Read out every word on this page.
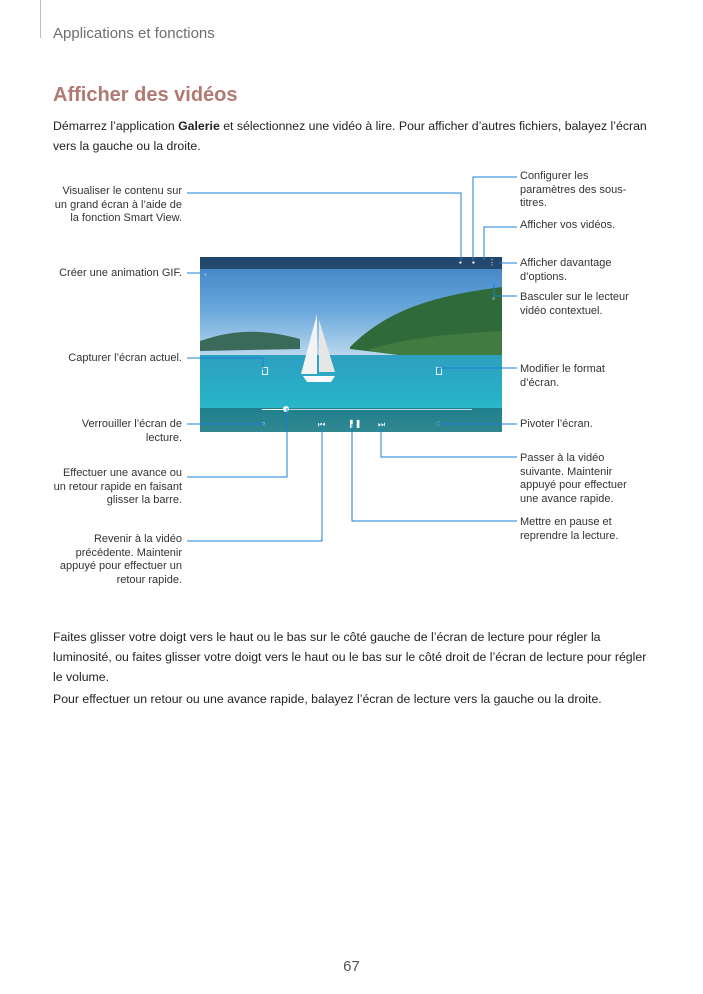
Applications et fonctions
Afficher des vidéos
Démarrez l’application Galerie et sélectionnez une vidéo à lire. Pour afficher d’autres fichiers, balayez l’écran vers la gauche ou la droite.
▪ ▪ ⋮
◦
▫
▫	⏮	❚❚ ⏭	◌
Visualiser le contenu sur un grand écran à l’aide de la fonction Smart View.
Créer une animation GIF.
Capturer l’écran actuel.
Verrouiller l’écran de lecture.
Effectuer une avance ou un retour rapide en faisant glisser la barre.
Revenir à la vidéo précédente. Maintenir appuyé pour effectuer un retour rapide.
Configurer les paramètres des sous-titres.
Afficher vos vidéos.
Afficher davantage d’options.
Basculer sur le lecteur vidéo contextuel.
Modifier le format d’écran.
Pivoter l’écran.
Passer à la vidéo suivante. Maintenir appuyé pour effectuer une avance rapide.
Mettre en pause et reprendre la lecture.
Faites glisser votre doigt vers le haut ou le bas sur le côté gauche de l’écran de lecture pour régler la luminosité, ou faites glisser votre doigt vers le haut ou le bas sur le côté droit de l’écran de lecture pour régler le volume.
Pour effectuer un retour ou une avance rapide, balayez l’écran de lecture vers la gauche ou la droite.
67
